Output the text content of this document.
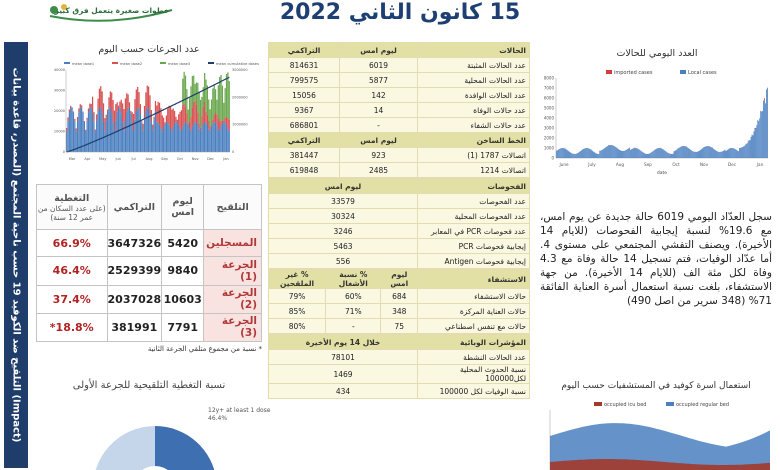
خطوات صغيرة يتعمل فرق كبير	15 كانون الثاني 2022
(Impact) التلقيح ضد الكوفيد 19 حسب ناحية المجتمع (المصدر، قاعدة بيانات
عدد الجرعات حسب اليوم
mean dose1	mean dose2	mean dose3	mean cumulative doses
0
10000
20000
30000
40000
0
1000000
2000000
3000000
Mar	Apr May	Jun	Jul	Aug Sep	Oct	Nov Dec	Jan
التلقيح	ليوم امس	التراكمي	التغطية
(على عدد السكان من عمر 12 سنة)

المسجلين	5420	3647326	66.9%
الجرعة (1)	9840	2529399	46.4%
الجرعة (2)	10603	2037028	37.4%
الجرعة (3)	7791	381991	18.8%*
* نسبة من مجموع متلقي الجرعة الثانية
نسبة التغطية التلقيحية للجرعة الأولى
12y+ at least 1 dose
46.4%
الحالات	ليوم امس	التراكمي
عدد الحالات المثبتة	6019	814631
عدد الحالات المحلية	5877	799575
عدد الحالات الوافدة	142	15056
عدد حالات الوفاة	14	9367
عدد حالات الشفاء	-	686801
الخط الساخن	ليوم امس	التراكمي
اتصالات 1787 (1)	923	381447
اتصالات 1214	2485	619848
الفحوصات	ليوم امس
عدد الفحوصات	33579
عدد الفحوصات المحلية	30324
عدد فحوصات PCR في المعابر	3246
إيجابية فحوصات PCR	5463
إيجابية فحوصات Antigen	556
الاستشفاء	ليوم امس	% نسبة الأشغال	% غير الملقحين
حالات الاستشفاء	684	60%	79%
حالات العناية المركزة	348	71%	85%
حالات مع تنفس اصطناعي	75	-	80%
المؤشرات الوبائية	خلال 14 يوم الأخيرة
عدد الحالات النشطة	78101
نسبة الحدوث المحلية لكل100000	1469
نسبة الوفيات لكل 100000	434
العدد اليومي للحالات
imported cases	Local cases
0
1000
2000
3000
4000
5000
6000
7000
8000
June	July	Aug	Sep	Oct	Nov	Dec	Jan
date
سجل العدّاد اليومي 6019 حالة جديدة عن يوم امس، مع 19.6% لنسبة إيجابية الفحوصات (للايام 14 الأخيرة). ويصنف التفشي المجتمعي على مستوى 4. أما عدّاد الوفيات، فتم تسجيل 14 حالة وفاة مع 4.3 وفاة لكل مئة الف (للايام 14 الأخيرة). من جهة الاستشفاء، بلغت نسبة استعمال أسرة العناية الفائقة 71% (348 سرير من اصل 490)
استعمال اسرة كوفيد في المستشفيات حسب اليوم
occupied icu bed	occupied regular bed
